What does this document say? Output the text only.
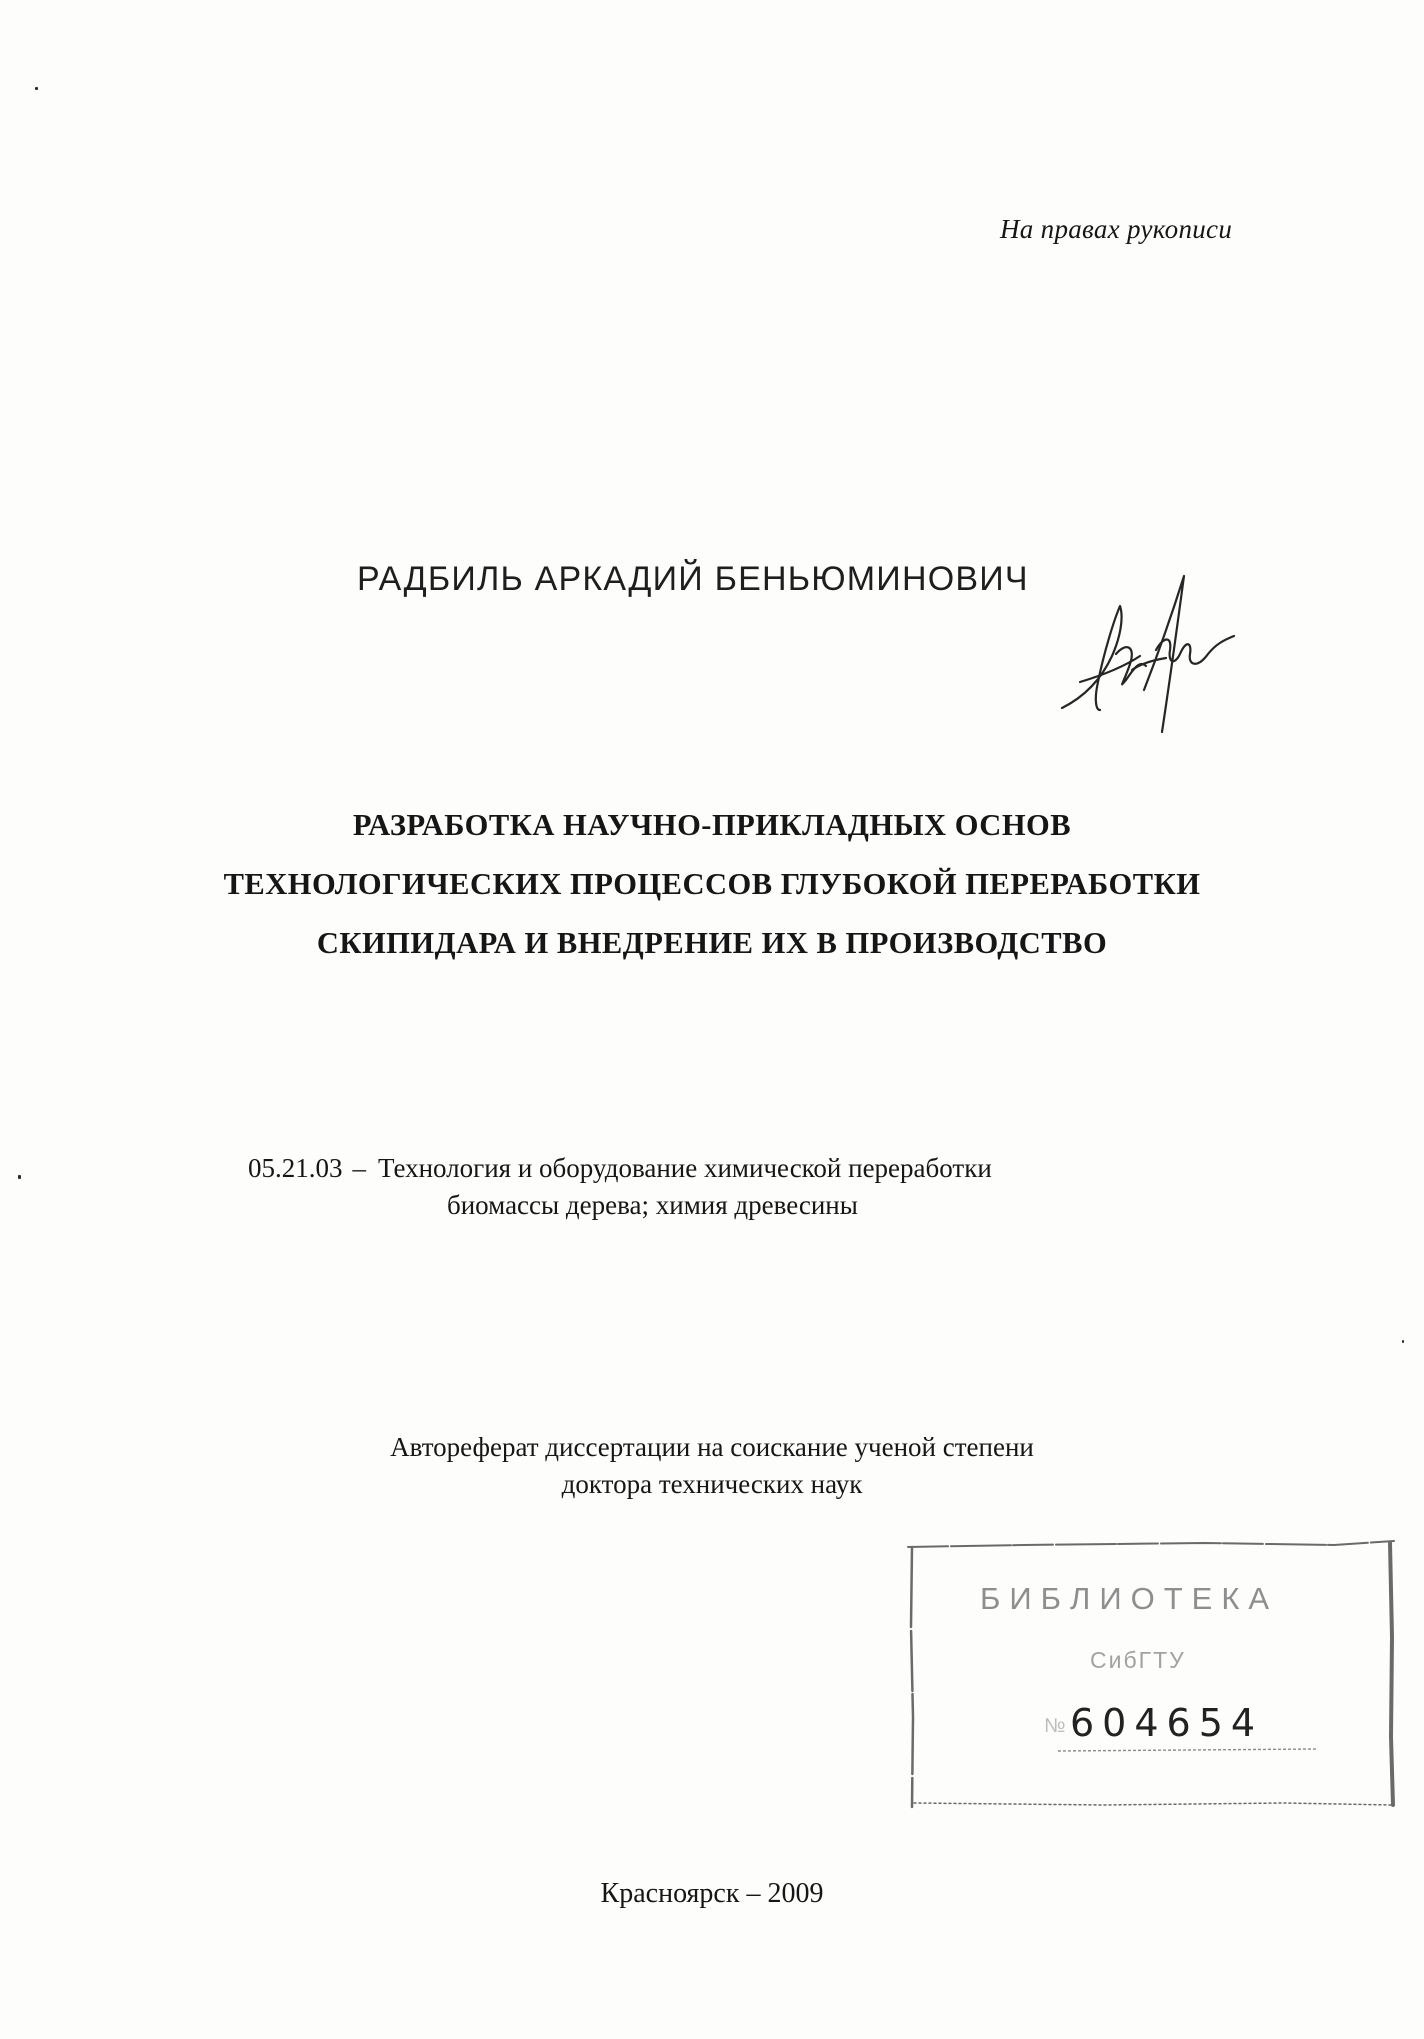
На правах рукописи
РАДБИЛЬ АРКАДИЙ БЕНЬЮМИНОВИЧ
РАЗРАБОТКА НАУЧНО-ПРИКЛАДНЫХ ОСНОВ
ТЕХНОЛОГИЧЕСКИХ ПРОЦЕССОВ ГЛУБОКОЙ ПЕРЕРАБОТКИ
СКИПИДАРА И ВНЕДРЕНИЕ ИХ В ПРОИЗВОДСТВО
05.21.03 – Технология и оборудование химической переработки
биомассы дерева; химия древесины
Автореферат диссертации на соискание ученой степени
доктора технических наук
БИБЛИОТЕКА
СибГТУ
№ 604654
Красноярск – 2009
